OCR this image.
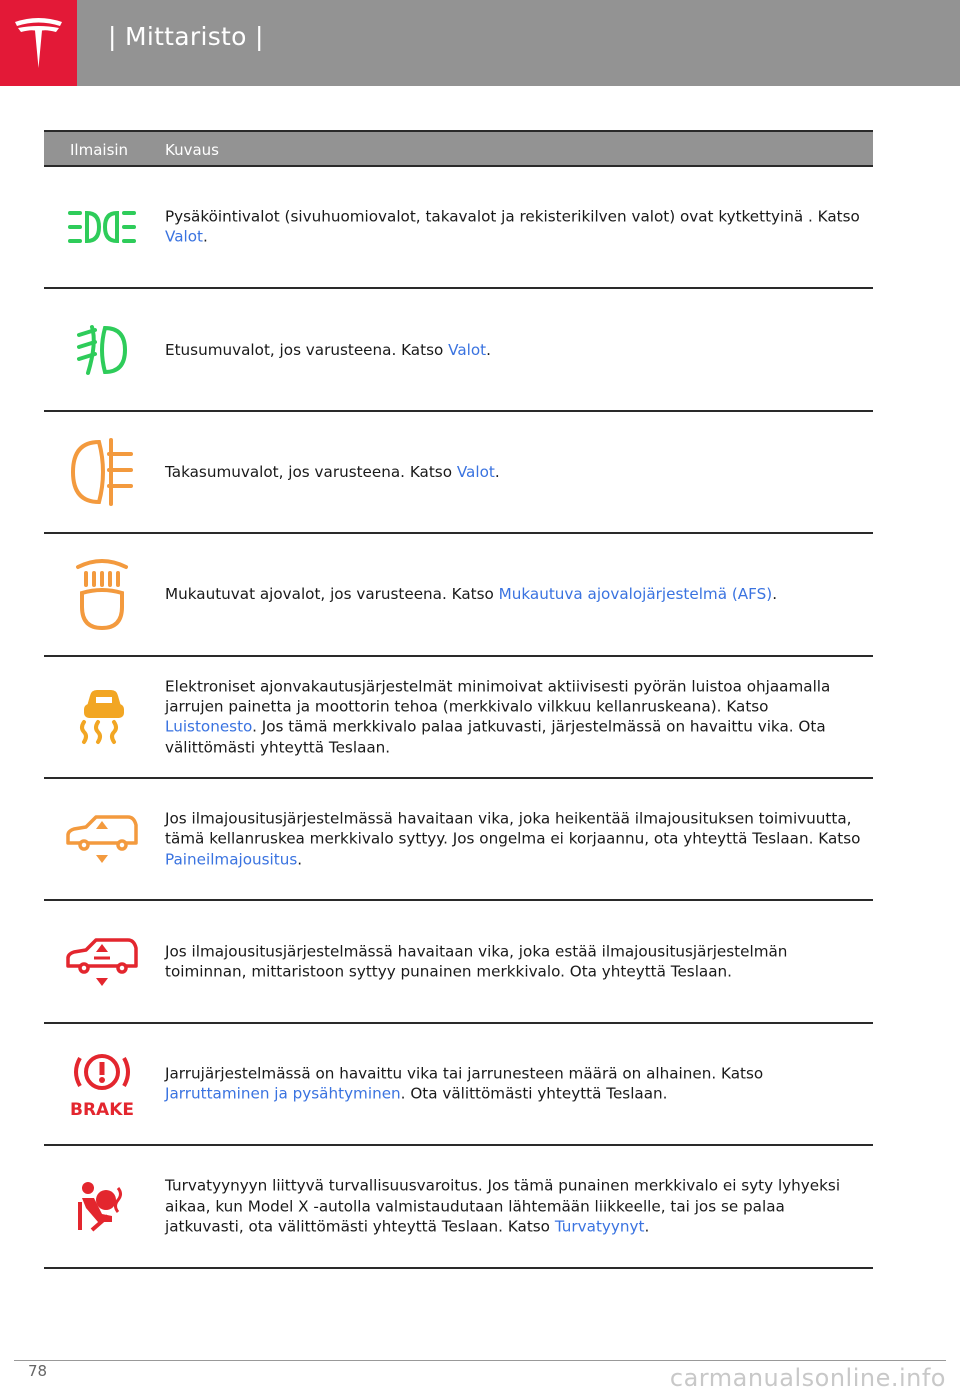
| Mittaristo |
Ilmaisin Kuvaus
Pysäköintivalot (sivuhuomiovalot, takavalot ja rekisterikilven valot) ovat kytkettyinä . Katso Valot.
Etusumuvalot, jos varusteena. Katso Valot.
Takasumuvalot, jos varusteena. Katso Valot.
Mukautuvat ajovalot, jos varusteena. Katso Mukautuva ajovalojärjestelmä (AFS).
Elektroniset ajonvakautusjärjestelmät minimoivat aktiivisesti pyörän luistoa ohjaamalla jarrujen painetta ja moottorin tehoa (merkkivalo vilkkuu kellanruskeana). Katso Luistonesto. Jos tämä merkkivalo palaa jatkuvasti, järjestelmässä on havaittu vika. Ota välittömästi yhteyttä Teslaan.
Jos ilmajousitusjärjestelmässä havaitaan vika, joka heikentää ilmajousituksen toimivuutta, tämä kellanruskea merkkivalo syttyy. Jos ongelma ei korjaannu, ota yhteyttä Teslaan. Katso Paineilmajousitus.
Jos ilmajousitusjärjestelmässä havaitaan vika, joka estää ilmajousitusjärjestelmän toiminnan, mittaristoon syttyy punainen merkkivalo. Ota yhteyttä Teslaan.
BRAKE
Jarrujärjestelmässä on havaittu vika tai jarrunesteen määrä on alhainen. Katso Jarruttaminen ja pysähtyminen. Ota välittömästi yhteyttä Teslaan.
Turvatyynyyn liittyvä turvallisuusvaroitus. Jos tämä punainen merkkivalo ei syty lyhyeksi aikaa, kun Model X -autolla valmistaudutaan lähtemään liikkeelle, tai jos se palaa jatkuvasti, ota välittömästi yhteyttä Teslaan. Katso Turvatyynyt.
78	carmanualsonline.info
